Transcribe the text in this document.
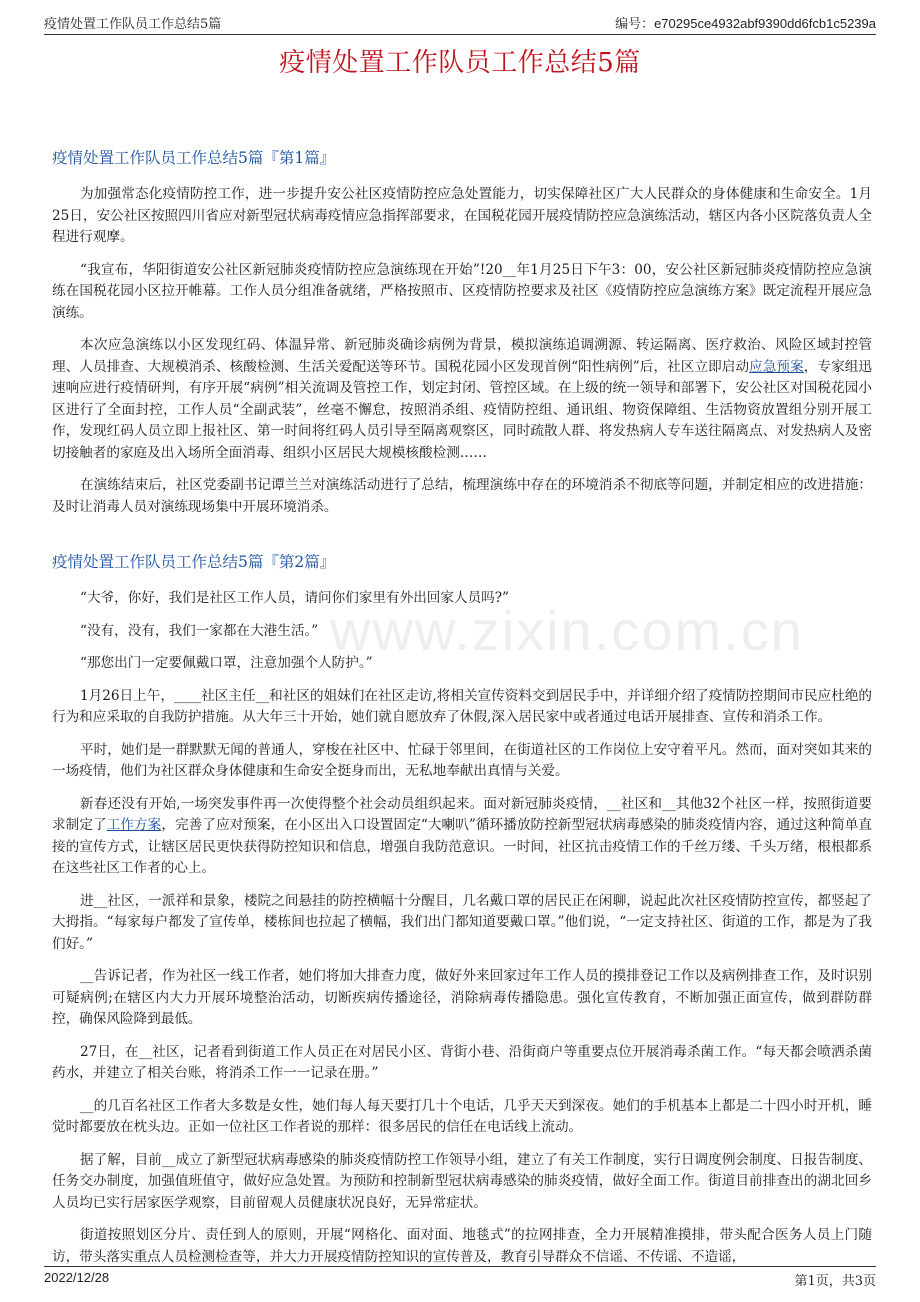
疫情处置工作队员工作总结5篇	编号：e70295ce4932abf9390dd6fcb1c5239a
疫情处置工作队员工作总结5篇
www.zixin.com.cn
疫情处置工作队员工作总结5篇『第1篇』

为加强常态化疫情防控工作，进一步提升安公社区疫情防控应急处置能力，切实保障社区广大人民群众的身体健康和生命安全。1月25日，安公社区按照四川省应对新型冠状病毒疫情应急指挥部要求，在国税花园开展疫情防控应急演练活动，辖区内各小区院落负责人全程进行观摩。

“我宣布，华阳街道安公社区新冠肺炎疫情防控应急演练现在开始”!20__年1月25日下午3：00，安公社区新冠肺炎疫情防控应急演练在国税花园小区拉开帷幕。工作人员分组准备就绪，严格按照市、区疫情防控要求及社区《疫情防控应急演练方案》既定流程开展应急演练。

本次应急演练以小区发现红码、体温异常、新冠肺炎确诊病例为背景，模拟演练追调溯源、转运隔离、医疗救治、风险区域封控管理、人员排查、大规模消杀、核酸检测、生活关爱配送等环节。国税花园小区发现首例“阳性病例”后，社区立即启动应急预案，专家组迅速响应进行疫情研判，有序开展“病例”相关流调及管控工作，划定封闭、管控区域。在上级的统一领导和部署下，安公社区对国税花园小区进行了全面封控，工作人员“全副武装”，丝毫不懈怠，按照消杀组、疫情防控组、通讯组、物资保障组、生活物资放置组分别开展工作，发现红码人员立即上报社区、第一时间将红码人员引导至隔离观察区，同时疏散人群、将发热病人专车送往隔离点、对发热病人及密切接触者的家庭及出入场所全面消毒、组织小区居民大规模核酸检测……

在演练结束后，社区党委副书记谭兰兰对演练活动进行了总结，梳理演练中存在的环境消杀不彻底等问题，并制定相应的改进措施：及时让消毒人员对演练现场集中开展环境消杀。

疫情处置工作队员工作总结5篇『第2篇』

“大爷，你好，我们是社区工作人员，请问你们家里有外出回家人员吗?”

“没有，没有，我们一家都在大港生活。”

“那您出门一定要佩戴口罩，注意加强个人防护。”

1月26日上午，____社区主任__和社区的姐妹们在社区走访,将相关宣传资料交到居民手中，并详细介绍了疫情防控期间市民应杜绝的行为和应采取的自我防护措施。从大年三十开始，她们就自愿放弃了休假,深入居民家中或者通过电话开展排查、宣传和消杀工作。

平时，她们是一群默默无闻的普通人，穿梭在社区中、忙碌于邻里间，在街道社区的工作岗位上安守着平凡。然而，面对突如其来的一场疫情，他们为社区群众身体健康和生命安全挺身而出，无私地奉献出真情与关爱。

新春还没有开始,一场突发事件再一次使得整个社会动员组织起来。面对新冠肺炎疫情，__社区和__其他32个社区一样，按照街道要求制定了工作方案，完善了应对预案，在小区出入口设置固定“大喇叭”循环播放防控新型冠状病毒感染的肺炎疫情内容，通过这种简单直接的宣传方式，让辖区居民更快获得防控知识和信息，增强自我防范意识。一时间，社区抗击疫情工作的千丝万缕、千头万绪，根根都系在这些社区工作者的心上。

进__社区，一派祥和景象，楼院之间悬挂的防控横幅十分醒目，几名戴口罩的居民正在闲聊，说起此次社区疫情防控宣传，都竖起了大拇指。“每家每户都发了宣传单，楼栋间也拉起了横幅，我们出门都知道要戴口罩。”他们说，“一定支持社区、街道的工作，都是为了我们好。”

__告诉记者，作为社区一线工作者，她们将加大排查力度，做好外来回家过年工作人员的摸排登记工作以及病例排查工作，及时识别可疑病例;在辖区内大力开展环境整治活动，切断疾病传播途径，消除病毒传播隐患。强化宣传教育，不断加强正面宣传，做到群防群控，确保风险降到最低。

27日，在__社区，记者看到街道工作人员正在对居民小区、背街小巷、沿街商户等重要点位开展消毒杀菌工作。“每天都会喷洒杀菌药水，并建立了相关台账，将消杀工作一一记录在册。”

__的几百名社区工作者大多数是女性，她们每人每天要打几十个电话，几乎天天到深夜。她们的手机基本上都是二十四小时开机，睡觉时都要放在枕头边。正如一位社区工作者说的那样：很多居民的信任在电话线上流动。

据了解，目前__成立了新型冠状病毒感染的肺炎疫情防控工作领导小组，建立了有关工作制度，实行日调度例会制度、日报告制度、任务交办制度，加强值班值守，做好应急处置。为预防和控制新型冠状病毒感染的肺炎疫情，做好全面工作。街道目前排查出的湖北回乡人员均已实行居家医学观察，目前留观人员健康状况良好，无异常症状。

街道按照划区分片、责任到人的原则，开展“网格化、面对面、地毯式”的拉网排查，全力开展精准摸排，带头配合医务人员上门随访，带头落实重点人员检测检查等，并大力开展疫情防控知识的宣传普及，教育引导群众不信谣、不传谣、不造谣，

2022/12/28	第1页，共3页
